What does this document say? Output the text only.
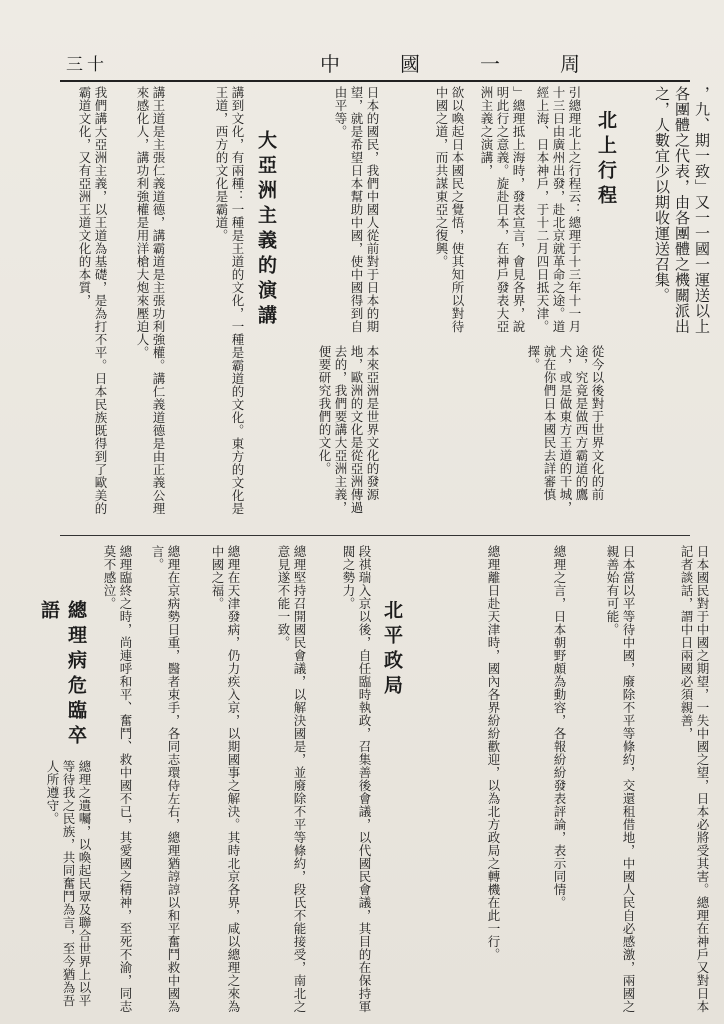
三十	中國一周
，九、期一致」又一一國一運送以上各團體之代表，由各團體之機關派出之，人數宜少以期收運送召集。
北上行程
引總理北上之行程云：總理于十三年十一月十三日由廣州出發，赴北京就革命之途。道經上海、日本神戶，于十二月四日抵天津。
」總理抵上海時，發表宣言，會見各界，說明此行之意義。旋赴日本，在神戶發表大亞洲主義之演講，
欲以喚起日本國民之覺悟，使其知所以對待中國之道，而共謀東亞之復興。
日本的國民，我們中國人從前對于日本的期望，就是希望日本幫助中國，使中國得到自由平等。
大亞洲主義的演講
本來亞洲是世界文化的發源地，歐洲的文化是從亞洲傳過去的，我們要講大亞洲主義，便要研究我們的文化。
講到文化，有兩種：一種是王道的文化，一種是霸道的文化。東方的文化是王道，西方的文化是霸道。
講王道是主張仁義道德，講霸道是主張功利強權。講仁義道德是由正義公理來感化人，講功利強權是用洋槍大炮來壓迫人。
我們講大亞洲主義，以王道為基礎，是為打不平。日本民族既得到了歐美的霸道文化，又有亞洲王道文化的本質，
從今以後對于世界文化的前途，究竟是做西方霸道的鷹犬，或是做東方王道的干城，就在你們日本國民去詳審慎擇。
日本國民對于中國之期望，一失中國之望，日本必將受其害。總理在神戶又對日本記者談話，謂中日兩國必須親善，
日本當以平等待中國，廢除不平等條約，交還租借地，中國人民自必感激，兩國之親善始有可能。
總理之言，日本朝野頗為動容，各報紛紛發表評論，表示同情。
總理離日赴天津時，國內各界紛紛歡迎，以為北方政局之轉機在此一行。
北平政局
段祺瑞入京以後，自任臨時執政，召集善後會議，以代國民會議，其目的在保持軍閥之勢力。
總理堅持召開國民會議，以解決國是，並廢除不平等條約，段氏不能接受，南北之意見遂不能一致。
總理在天津發病，仍力疾入京，以期國事之解決。其時北京各界，咸以總理之來為中國之福。
總理病危臨卒語	總理在京病勢日重，醫者束手，各同志環侍左右，總理猶諄諄以和平奮鬥救中國為言。
總理臨終之時，尚連呼和平、奮鬥、救中國不已，其愛國之精神，至死不渝，同志莫不感泣。
總理之遺囑，以喚起民眾及聯合世界上以平等待我之民族，共同奮鬥為言，至今猶為吾人所遵守。
